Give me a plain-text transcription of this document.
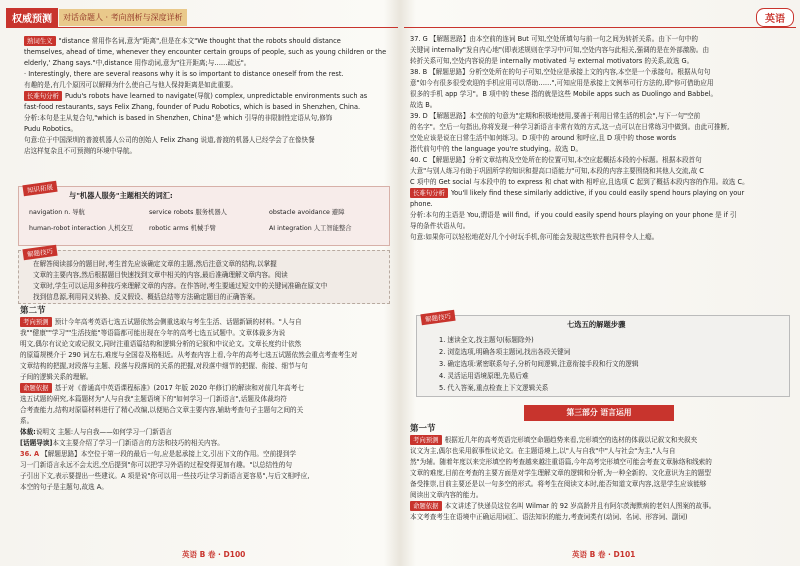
权威预测	对话命题人 · 考向剖析与深度详析
熟词生义 "distance 常用作名词,意为"距离",但是在本文"We thought that the robots should distance
themselves, ahead of time, whenever they encounter certain groups of people, such as young children or the
elderly,' Zhang says."中,distance 用作动词,意为"往开距离;与……疏远"。
· Interestingly, there are several reasons why it is so important to distance oneself from the rest.
有趣的是,有几个原因可以解释为什么使自己与他人保持距离是如此重要。
长难句分析 Pudu's robots have learned to navigate(导航) complex, unpredictable environments such as
fast-food restaurants, says Felix Zhang, founder of Pudu Robotics, which is based in Shenzhen, China.
分析:本句是主从复合句,"which is based in Shenzhen, China"是 which 引导的非限制性定语从句,修饰
Pudu Robotics。
句意:位于中国深圳的普渡机器人公司的创始人 Felix Zhang 说道,普渡的机器人已经学会了在像快餐
店这样复杂且不可预测的环境中导航。
知识拓展
与"机器人服务"主题相关的词汇:
navigation n. 导航	service robots 服务机器人	obstacle avoidance 避障
human-robot interaction 人机交互	robotic arms 机械手臂	AI integration 人工智能整合
解题技巧
在解答阅读部分的题目时,考生首先应该确定文章的主题,然后注意文章的结构,以掌握
文章的主要内容,然后根据题目快速找到文章中相关的内容,最后准确理解文章内容。阅读
文章时,学生可以运用多种技巧来理解文章的内容。在作答时,考生要通过短文中的关键词准确在原文中
找到信息源,利用同义转换、反义假设、概括总结等方法确定题目的正确答案。
第二节
考向预测 预计今年高考英语七选五试题依然会侧重选取与考生生活、话题新颖的材料。"人与自
我""健康""学习""生活技能"等语篇都可能出现在今年的高考七选五试题中。文章体裁多为说
明文,偶尔有议论文或记叙文,同时注重语篇结构和逻辑分析的记叙和中议论文。文章长度约计依然
的原篇规模介于 290 词左右,难度与全国卷及格相近。从考查内容上看,今年的高考七选五试题依然会重点考查考生对
文章结构的把握,对段落与主题、段落与段落间的关系的把握,对段落中细节的把握、衔接、细节与句
子间的逻辑关系的理解。
命题依据 基于对《普通高中英语课程标准》(2017 年版 2020 年修订)的解读和对前几年高考七
选五试题的研究,本篇题材为"人与自我"主题语境下的"如何学习一门新语言",话题及体裁均符
合考查能力,结构对原篇材料进行了精心改编,以便贴合文章主要内容,辅助考查句子主题句之间的关
系。
体裁:说明文 主题:人与自我——如何学习一门新语言
[话题导读]本文主要介绍了学习一门新语言的方法和技巧的相关内容。
36. A 【解题思路】本空位于第一段的最后一句,应是起承接上文,引出下文的作用。空前提到学
习一门新语言永远不会太迟,空后提到"你可以把学习外语的过程变得更加有趣。"以总结性的句
子引出下文,表示要提出一些建议。A 项是说"你可以用一些技巧让学习新语言更容易",与后文相呼应,
本空的句子是主题句,故选 A。
英语 B 卷 · D100
英语
37. G 【解题思路】由本空前的连词 But 可知,空处所填句与前一句之间为转折关系。由下一句中的
关键词 internally"发自内心地"(即表述规则在学习中)可知,空处内容与此相关,强调的是在外部激励。由
转折关系可知,空处内容说的是 internally motivated 与 external motivators 的关系,故选 G。
38. B 【解题思路】分析空处所在的句子可知,空处应是承接上文的内容,本空是一个承接句。根据从句句
意"如今有很多很受欢迎的手机应用可以帮助……",可知应用是承接上文例举可行方法的,即"你可借助应用
很多的手机 app 学习"。B 项中的 these 指的就是这些 Mobile apps such as Duolingo and Babbel。
故选 B。
39. D 【解题思路】本空前的句意为"定期和积极地使用,要善于利用日常生活的机会",与下一句"空前
的名字"。空后一句指出,你将发现一种学习新语言非常有效的方式,这一点可以在日常练习中做到。由此可推断,
空处应该是说在日常生活中如何练习。D 项中的 around 和呼应,且 D 项中的 those words
指代前句中的 the language you're studying。故选 D。
40. C 【解题思路】分析文章结构及空处所在的位置可知,本空应起概括本段的小标题。根据本段首句
大意"与别人练习有助于巩固所学的知识和提高口语能力"可知,本段的内容主要围绕和其他人交流,故 C
C 项中的 Get social 与本段中的 to express 和 chat with 相呼应,且选项 C 起到了概括本段内容的作用。故选 C。
长难句分析 You'll likely find these similarly addictive, if you could easily spend hours playing on your
phone.
分析:本句的主语是 You,谓语是 will find。if you could easily spend hours playing on your phone 是 if 引
导的条件状语从句。
句意:如果你可以轻松地花好几个小时玩手机,你可能会发现这些软件也同样令人上瘾。
解题技巧
七选五的解题步骤
1. 速读全文,找主题句(标题除外)
2. 浏览选项,明确各项主题词,找出各段关键词
3. 确定选项:紧密联系句子,分析句间逻辑,注意衔接手段和行文的逻辑
4. 灵活运用语境原理,先易后难
5. 代入答案,重点检查上下文逻辑关系
第三部分 语言运用
第一节
考向预测 根据近几年的高考英语完形填空命题趋势来看,完形填空的选材的体裁以记叙文和夹叙夹
议文为主,偶尔也采用叙事性议论文。在主题语境上,以"人与自我"中"人与社会"为主,"人与自
然"为辅。随着年度以来完形填空的考查越来越注重语篇,今年高考完形填空可能会考查文章脉络和线索的
文章的难度,目前在考查的主要方面是对学生理解文章的逻辑和分析,为一种全新的、文化意识为主的题型
备受推崇,目前主要还是以一句多空的形式。将考生在阅读文本时,能否知道文章内容,这是学生应该能够
阅读出文章内容的能力。
命题依据 本文讲述了快递员这位名叫 Wilmar 的 92 岁高龄并且有阿尔茨海默病的老妇人图案的故事。
本文考查考生在语境中正确运用词汇、语法知识的能力,考查词类有(动词、名词、形容词、副词)
英语 B 卷 · D101
